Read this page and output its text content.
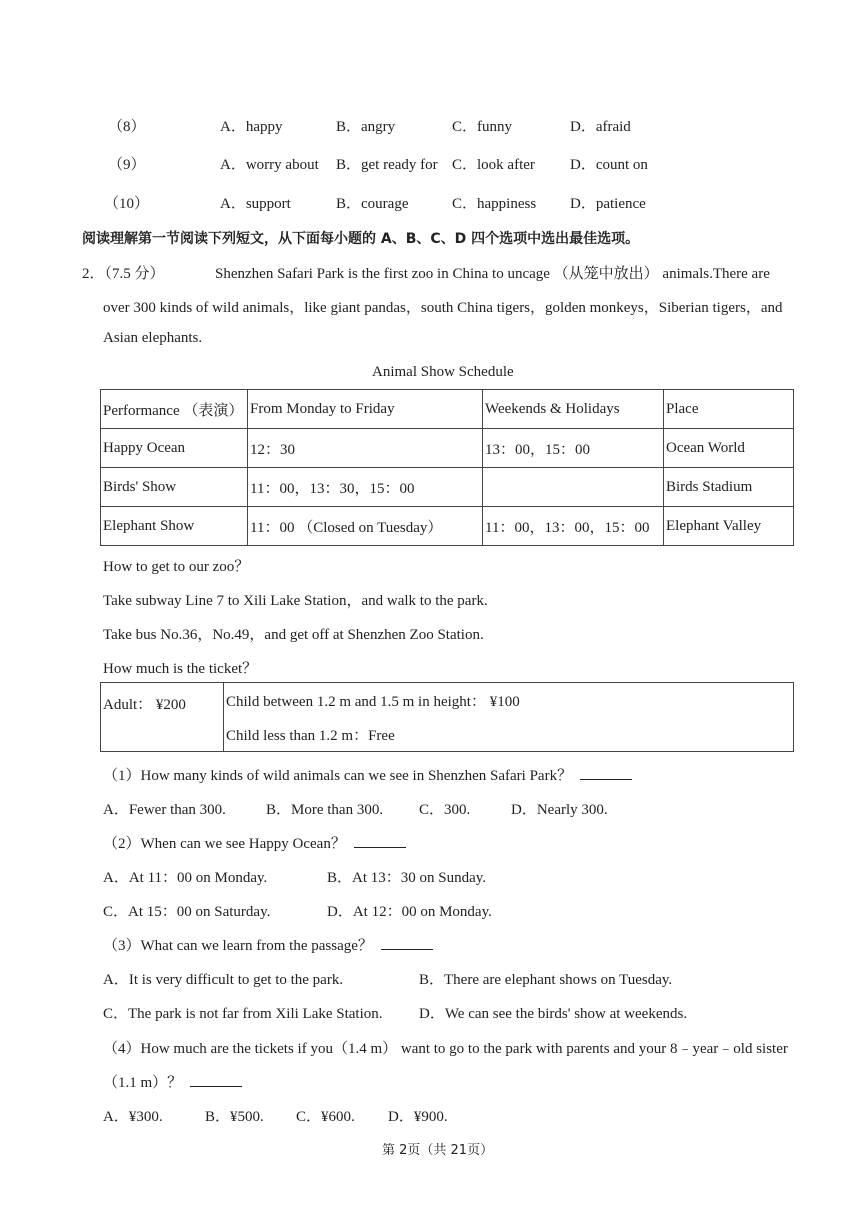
（8）	A．happy	B．angry	C．funny	D．afraid
（9）	A．worry about B．get ready for C．look after D．count on
（10）	A．support	B．courage	C．happiness D．patience
阅读理解第一节阅读下列短文，从下面每小题的 A、B、C、D 四个选项中选出最佳选项。
2．（7.5 分）	Shenzhen Safari Park is the first zoo in China to uncage （从笼中放出） animals.There are
over 300 kinds of wild animals，like giant pandas，south China tigers，golden monkeys，Siberian tigers，and
Asian elephants.
Animal Show Schedule
Performance （表演）	From Monday to Friday	Weekends & Holidays	Place
Happy Ocean	12：30	13：00，15：00	Ocean World
Birds' Show	11：00，13：30，15：00		Birds Stadium
Elephant Show	11：00 （Closed on Tuesday）	11：00，13：00，15：00	Elephant Valley
How to get to our zoo？
Take subway Line 7 to Xili Lake Station，and walk to the park.
Take bus No.36，No.49，and get off at Shenzhen Zoo Station.
How much is the ticket？
Adult： ¥200	Child between 1.2 m and 1.5 m in height： ¥100
Child less than 1.2 m：Free
（1）How many kinds of wild animals can we see in Shenzhen Safari Park？
A．Fewer than 300.	B．More than 300. C．300.	D．Nearly 300.
（2）When can we see Happy Ocean？
A．At 11：00 on Monday.	B．At 13：30 on Sunday.
C．At 15：00 on Saturday.	D．At 12：00 on Monday.
（3）What can we learn from the passage？
A．It is very difficult to get to the park.	B．There are elephant shows on Tuesday.
C．The park is not far from Xili Lake Station. D．We can see the birds' show at weekends.
（4）How much are the tickets if you（1.4 m） want to go to the park with parents and your 8﹣year﹣old sister
（1.1 m）？
A．¥300.	B．¥500. C．¥600. D．¥900.
第 2页（共 21页）
